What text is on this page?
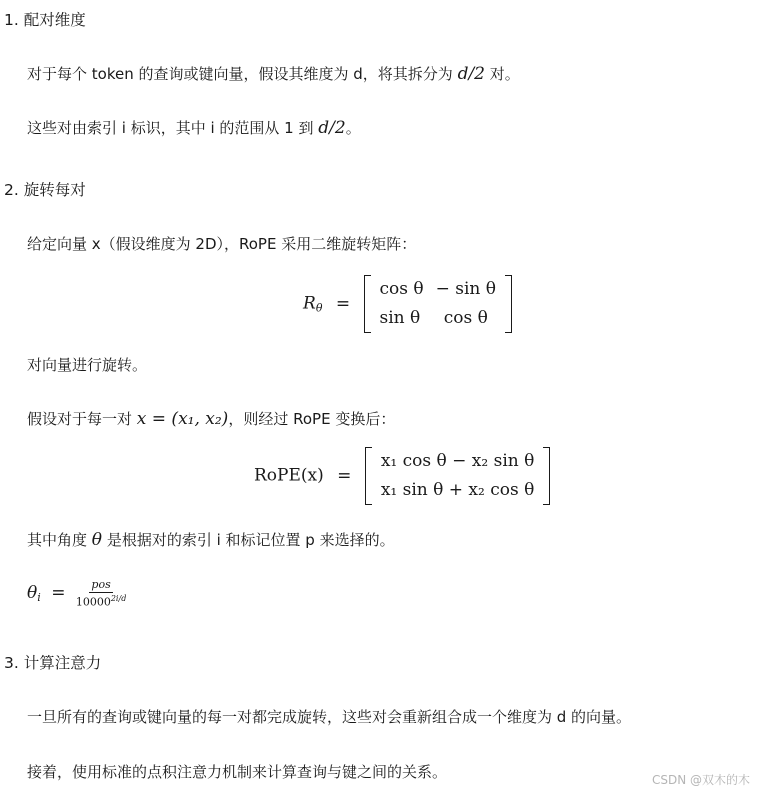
1. 配对维度
对于每个 token 的查询或键向量，假设其维度为 d，将其拆分为 d/2 对。
这些对由索引 i 标识，其中 i 的范围从 1 到 d/2。
2. 旋转每对
给定向量 x（假设维度为 2D），RoPE 采用二维旋转矩阵：
$R_\theta$ =
cos θ	− sin θ
sin θ	cos θ
对向量进行旋转。
假设对于每一对 x = (x₁, x₂)，则经过 RoPE 变换后：
RoPE(x) =
x₁ cos θ − x₂ sin θ
x₁ sin θ + x₂ cos θ
其中角度 θ 是根据对的索引 i 和标记位置 p 来选择的。
$\theta_i = \frac{\text{pos}}{10000^{2i/d}}$
3. 计算注意力
一旦所有的查询或键向量的每一对都完成旋转，这些对会重新组合成一个维度为 d 的向量。
接着，使用标准的点积注意力机制来计算查询与键之间的关系。	CSDN @双木的木
